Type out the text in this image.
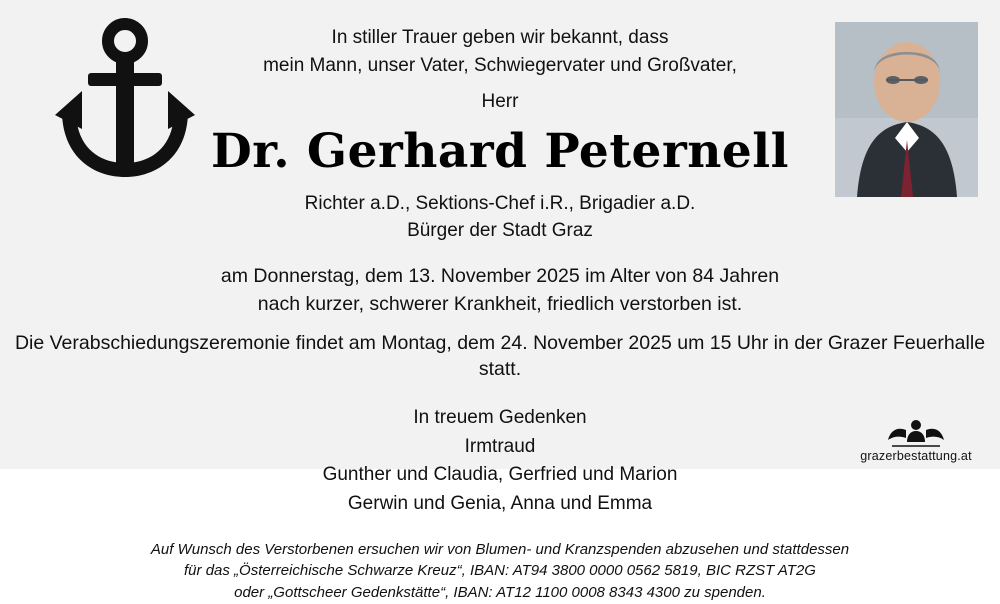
In stiller Trauer geben wir bekannt, dass
mein Mann, unser Vater, Schwiegervater und Großvater,
Herr
Dr. Gerhard Peternell
Richter a.D., Sektions-Chef i.R., Brigadier a.D.
Bürger der Stadt Graz
am Donnerstag, dem 13. November 2025 im Alter von 84 Jahren
nach kurzer, schwerer Krankheit, friedlich verstorben ist.
Die Verabschiedungszeremonie findet am Montag, dem 24. November 2025 um 15 Uhr in der Grazer Feuerhalle statt.
In treuem Gedenken
Irmtraud
Gunther und Claudia, Gerfried und Marion
Gerwin und Genia, Anna und Emma
Auf Wunsch des Verstorbenen ersuchen wir von Blumen- und Kranzspenden abzusehen und stattdessen
für das „Österreichische Schwarze Kreuz“, IBAN: AT94 3800 0000 0562 5819, BIC RZST AT2G
oder „Gottscheer Gedenkstätte“, IBAN: AT12 1100 0008 8343 4300 zu spenden.
grazerbestattung.at
